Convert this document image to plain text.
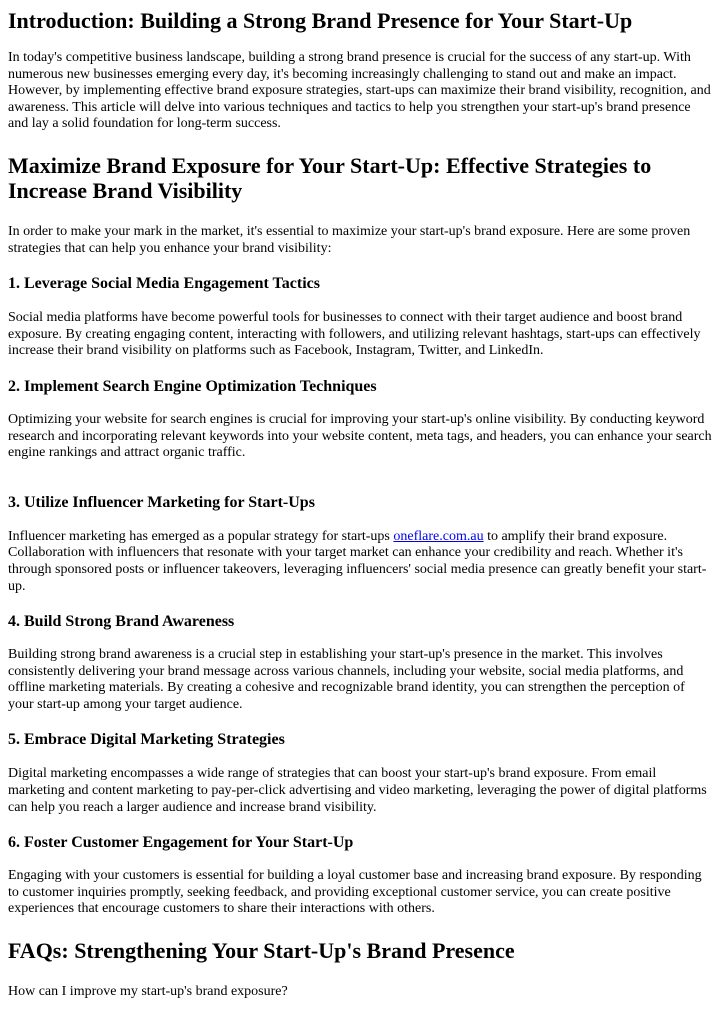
Introduction: Building a Strong Brand Presence for Your Start-Up

In today's competitive business landscape, building a strong brand presence is crucial for the success of any start-up. With numerous new businesses emerging every day, it's becoming increasingly challenging to stand out and make an impact. However, by implementing effective brand exposure strategies, start-ups can maximize their brand visibility, recognition, and awareness. This article will delve into various techniques and tactics to help you strengthen your start-up's brand presence and lay a solid foundation for long-term success.

Maximize Brand Exposure for Your Start-Up: Effective Strategies to Increase Brand Visibility

In order to make your mark in the market, it's essential to maximize your start-up's brand exposure. Here are some proven strategies that can help you enhance your brand visibility:

1. Leverage Social Media Engagement Tactics

Social media platforms have become powerful tools for businesses to connect with their target audience and boost brand exposure. By creating engaging content, interacting with followers, and utilizing relevant hashtags, start-ups can effectively increase their brand visibility on platforms such as Facebook, Instagram, Twitter, and LinkedIn.

2. Implement Search Engine Optimization Techniques

Optimizing your website for search engines is crucial for improving your start-up's online visibility. By conducting keyword research and incorporating relevant keywords into your website content, meta tags, and headers, you can enhance your search engine rankings and attract organic traffic.

3. Utilize Influencer Marketing for Start-Ups

Influencer marketing has emerged as a popular strategy for start-ups oneflare.com.au to amplify their brand exposure. Collaboration with influencers that resonate with your target market can enhance your credibility and reach. Whether it's through sponsored posts or influencer takeovers, leveraging influencers' social media presence can greatly benefit your start-up.

4. Build Strong Brand Awareness

Building strong brand awareness is a crucial step in establishing your start-up's presence in the market. This involves consistently delivering your brand message across various channels, including your website, social media platforms, and offline marketing materials. By creating a cohesive and recognizable brand identity, you can strengthen the perception of your start-up among your target audience.

5. Embrace Digital Marketing Strategies

Digital marketing encompasses a wide range of strategies that can boost your start-up's brand exposure. From email marketing and content marketing to pay-per-click advertising and video marketing, leveraging the power of digital platforms can help you reach a larger audience and increase brand visibility.

6. Foster Customer Engagement for Your Start-Up

Engaging with your customers is essential for building a loyal customer base and increasing brand exposure. By responding to customer inquiries promptly, seeking feedback, and providing exceptional customer service, you can create positive experiences that encourage customers to share their interactions with others.

FAQs: Strengthening Your Start-Up's Brand Presence

How can I improve my start-up's brand exposure?
